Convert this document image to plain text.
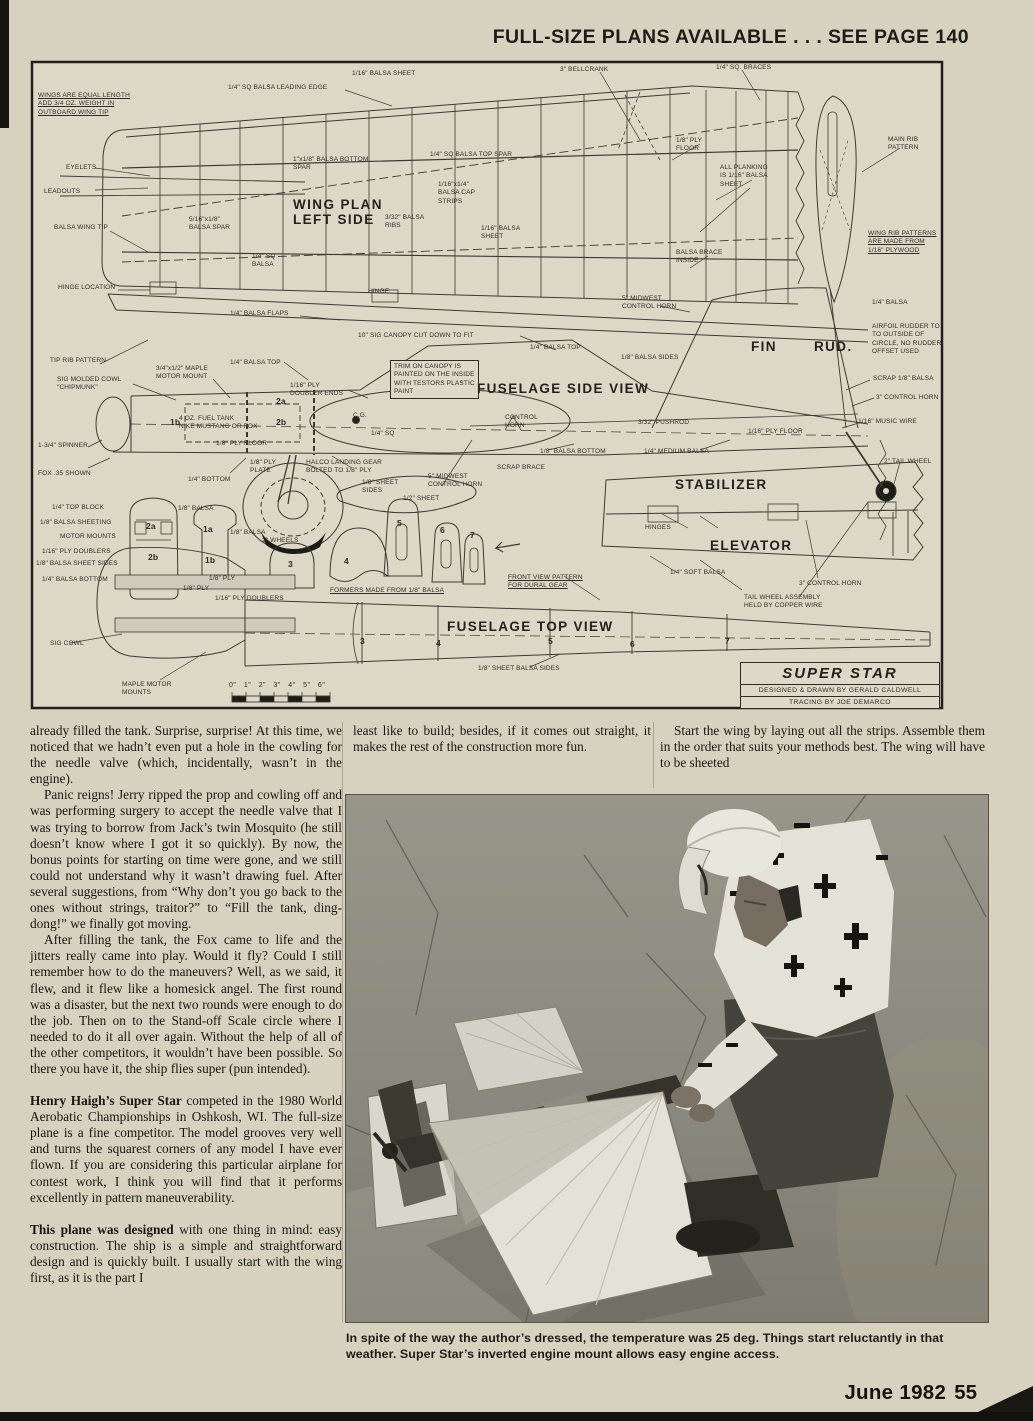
FULL-SIZE PLANS AVAILABLE . . . SEE PAGE 140
WINGS ARE EQUAL LENGTH
ADD 3/4 OZ. WEIGHT IN
OUTBOARD WING TIP
1/4" SQ BALSA LEADING EDGE
1/16" BALSA SHEET
3" BELLCRANK	1/4" SQ. BRACES
EYELETS
LEADOUTS
BALSA WING TIP
HINGE LOCATION
1"x1/8" BALSA BOTTOM
SPAR
WING PLAN
LEFT SIDE
5/16"x1/8"
BALSA SPAR
3/32" BALSA
RIBS
1/4" SQ BALSA TOP SPAR
1/16"x1/4"
BALSA CAP
STRIPS
1/16" BALSA
SHEET
1/4" SQ
BALSA
HINGE
1/8" PLY
FLOOR
ALL PLANKING
IS 1/16" BALSA
SHEET
BALSA BRACE
INSIDE
MAIN RIB
PATTERN
WING RIB PATTERNS
ARE MADE FROM
1/16" PLYWOOD
1/4" BALSA
5" MIDWEST
CONTROL HORN
1/4" BALSA FLAPS
TIP RIB PATTERN
SIG MOLDED COWL
"CHIPMUNK"
3/4"x1/2" MAPLE
MOTOR MOUNT
1/4" BALSA TOP
10" SIG CANOPY CUT DOWN TO FIT
TRIM ON CANOPY IS
PAINTED ON THE INSIDE
WITH TESTORS PLASTIC
PAINT
1/16" PLY
DOUBLER ENDS
1/4" BALSA TOP
1/8" BALSA SIDES
FIN	RUD.
AIRFOIL RUDDER TO
TO OUTSIDE OF
CIRCLE, NO RUDDER
OFFSET USED
FUSELAGE SIDE VIEW
SCRAP 1/8" BALSA
3" CONTROL HORN
C.G.
4 OZ. FUEL TANK
NIKE MUSTANG OR FOX
1/4" SQ
1/8" PLY FLOOR
CONTROL
HORN	3/32" PUSHROD
1/16" PLY FLOOR
1/16" MUSIC WIRE
1-3/4" SPINNER
FOX .35 SHOWN
1/4" BOTTOM
1/8" PLY
PLATE
HALCO LANDING GEAR
BOLTED TO 1/8" PLY
1/8" SHEET
SIDES
1/2" SHEET
1/8" BALSA BOTTOM	1/4" MEDIUM BALSA
SCRAP BRACE
5" MIDWEST
CONTROL HORN
2" TAIL WHEEL
STABILIZER
HINGES
ELEVATOR
1/4" SOFT BALSA
3" CONTROL HORN
TAIL WHEEL ASSEMBLY
HELD BY COPPER WIRE
FRONT VIEW PATTERN
FOR DURAL GEAR
1/4" TOP BLOCK
1/8" BALSA SHEETING
MOTOR MOUNTS
1/16" PLY DOUBLERS
1/8" BALSA SHEET SIDES
1/4" BALSA BOTTOM
1/8" BALSA
2a
2b
1a
1b
1/8" BALSA
1/8" PLY
1/8" PLY
2" WHEELS
3	4
5
6	7
FORMERS MADE FROM 1/8" BALSA
1/16" PLY DOUBLERS
SIG COWL
MAPLE MOTOR
MOUNTS
FUSELAGE TOP VIEW
1/8" SHEET BALSA SIDES
2a
2b
1b
3	4	5	6	7
0" 1" 2" 3" 4" 5" 6"
SUPER STAR
DESIGNED & DRAWN BY GERALD CALDWELL
TRACING BY JOE DEMARCO

already filled the tank. Surprise, surprise! At this time, we noticed that we hadn’t even put a hole in the cowling for the needle valve (which, incidentally, wasn’t in the engine).

Panic reigns! Jerry ripped the prop and cowling off and was performing surgery to accept the needle valve that I was trying to borrow from Jack’s twin Mosquito (he still doesn’t know where I got it so quickly). By now, the bonus points for starting on time were gone, and we still could not understand why it wasn’t drawing fuel. After several suggestions, from “Why don’t you go back to the ones without strings, traitor?” to “Fill the tank, ding-dong!” we finally got moving.

After filling the tank, the Fox came to life and the jitters really came into play. Would it fly? Could I still remember how to do the maneuvers? Well, as we said, it flew, and it flew like a homesick angel. The first round was a disaster, but the next two rounds were enough to do the job. Then on to the Stand-off Scale circle where I needed to do it all over again. Without the help of all of the other competitors, it wouldn’t have been possible. So there you have it, the ship flies super (pun intended).

Henry Haigh’s Super Star competed in the 1980 World Aerobatic Championships in Oshkosh, WI. The full-size plane is a fine competitor. The model grooves very well and turns the squarest corners of any model I have ever flown. If you are considering this particular airplane for contest work, I think you will find that it performs excellently in pattern maneuverability.

This plane was designed with one thing in mind: easy construction. The ship is a simple and straightforward design and is quickly built. I usually start with the wing first, as it is the part I

least like to build; besides, if it comes out straight, it makes the rest of the construction more fun.

Start the wing by laying out all the strips. Assemble them in the order that suits your methods best. The wing will have to be sheeted

In spite of the way the author’s dressed, the temperature was 25 deg. Things start reluctantly in that weather. Super Star’s inverted engine mount allows easy engine access.
June 1982 55
